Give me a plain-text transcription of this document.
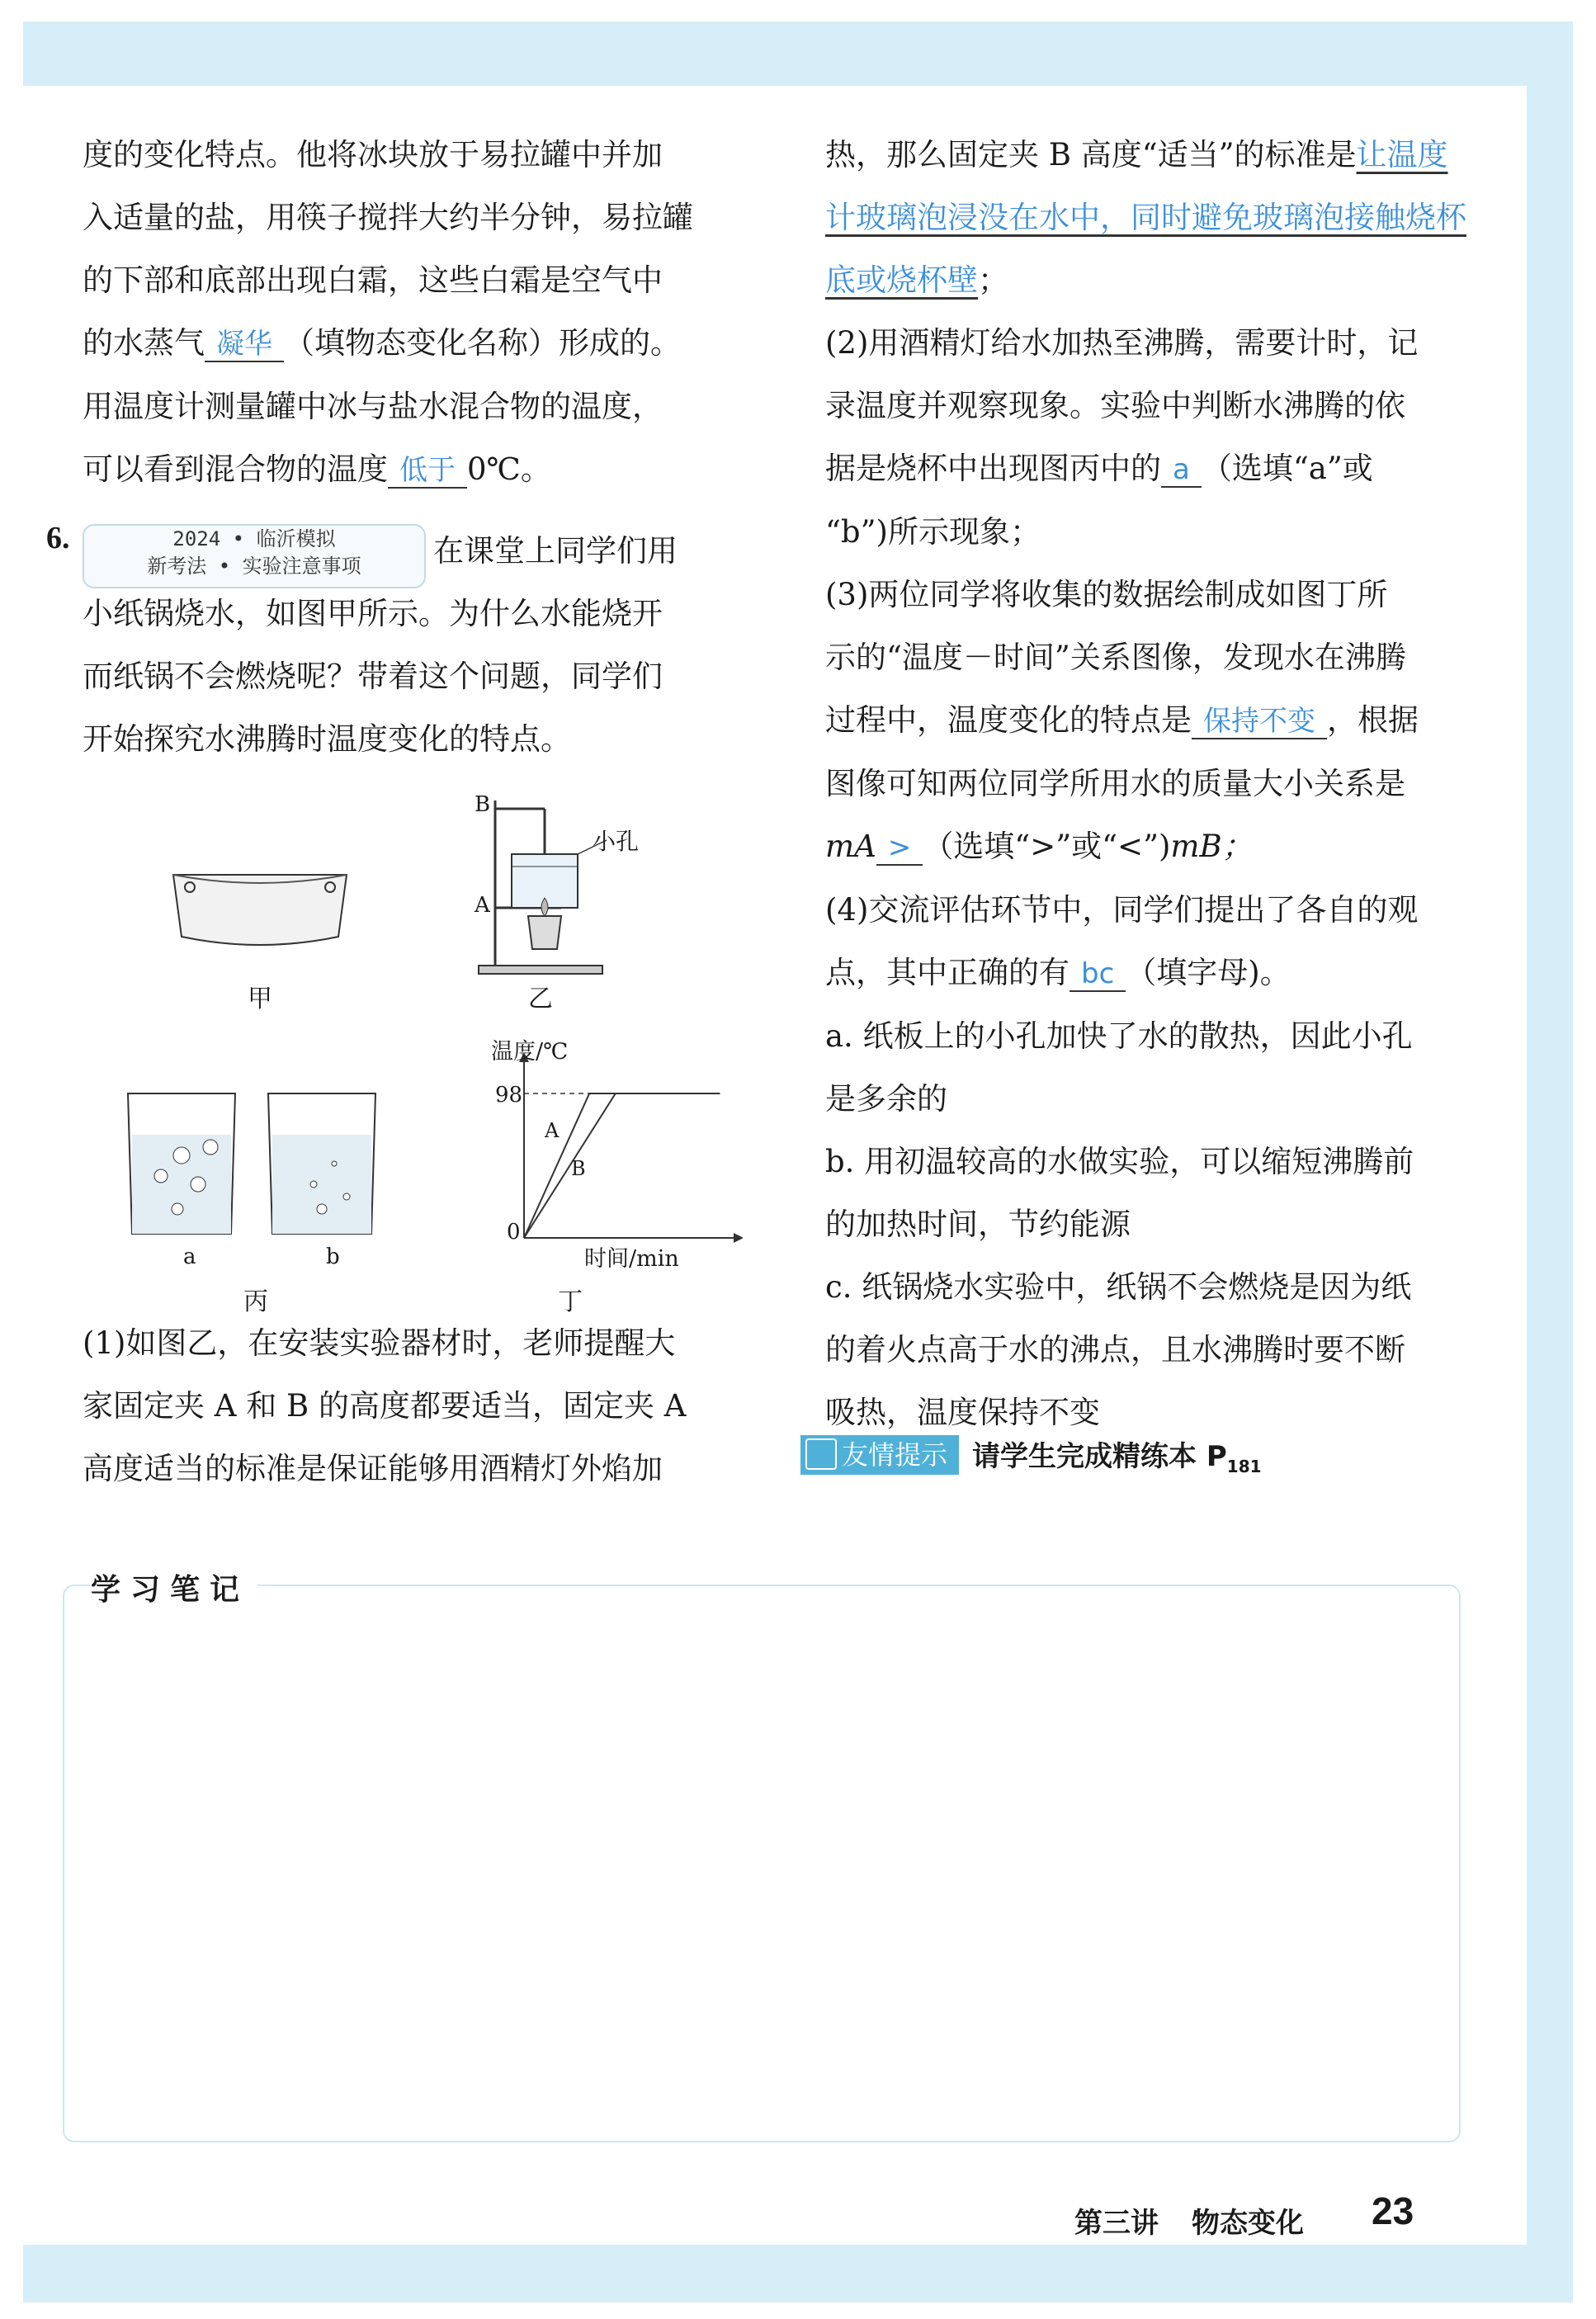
度的变化特点。他将冰块放于易拉罐中并加

入适量的盐，用筷子搅拌大约半分钟，易拉罐

的下部和底部出现白霜，这些白霜是空气中

的水蒸气 凝华 （填物态变化名称）形成的。

用温度计测量罐中冰与盐水混合物的温度，

可以看到混合物的温度 低于 0℃。

6.	2024 • 临沂模拟
新考法 • 实验注意事项	在课堂上同学们用

小纸锅烧水，如图甲所示。为什么水能烧开

而纸锅不会燃烧呢？带着这个问题，同学们

开始探究水沸腾时温度变化的特点。

甲
B
A
小孔
乙
a	b
丙
温度/℃
时间/min
98
0
A
B
丁

(1)如图乙，在安装实验器材时，老师提醒大

家固定夹 A 和 B 的高度都要适当，固定夹 A

高度适当的标准是保证能够用酒精灯外焰加

热，那么固定夹 B 高度“适当”的标准是让温度计玻璃泡浸没在水中，同时避免玻璃泡接触烧杯底或烧杯壁；

(2)用酒精灯给水加热至沸腾，需要计时，记

录温度并观察现象。实验中判断水沸腾的依

据是烧杯中出现图丙中的 a （选填“a”或

“b”)所示现象；

(3)两位同学将收集的数据绘制成如图丁所

示的“温度－时间”关系图像，发现水在沸腾

过程中，温度变化的特点是 保持不变 ，根据

图像可知两位同学所用水的质量大小关系是

mA > （选填“>”或“<”)mB；

(4)交流评估环节中，同学们提出了各自的观

点，其中正确的有 bc （填字母)。

a. 纸板上的小孔加快了水的散热，因此小孔

是多余的

b. 用初温较高的水做实验，可以缩短沸腾前

的加热时间，节约能源

c. 纸锅烧水实验中，纸锅不会燃烧是因为纸

的着火点高于水的沸点，且水沸腾时要不断

吸热，温度保持不变

友情提示 请学生完成精练本 $P_{181}$
学习笔记
第三讲 物态变化 23
